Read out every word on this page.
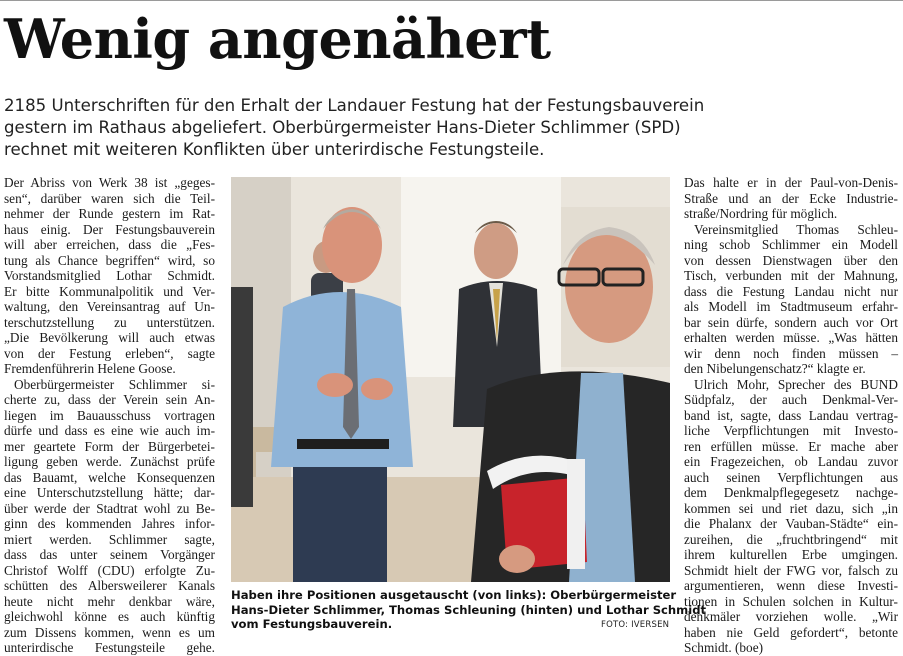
Wenig angenähert
2185 Unterschriften für den Erhalt der Landauer Festung hat der Festungsbauverein
gestern im Rathaus abgeliefert. Oberbürgermeister Hans-Dieter Schlimmer (SPD)
rechnet mit weiteren Konflikten über unterirdische Festungsteile.

Der Abriss von Werk 38 ist „geges-
sen“, darüber waren sich die Teil-
nehmer der Runde gestern im Rat-
haus einig. Der Festungsbauverein
will aber erreichen, dass die „Fes-
tung als Chance begriffen“ wird, so
Vorstandsmitglied Lothar Schmidt.
Er bitte Kommunalpolitik und Ver-
waltung, den Vereinsantrag auf Un-
terschutzstellung zu unterstützen.
„Die Bevölkerung will auch etwas
von der Festung erleben“, sagte
Fremdenführerin Helene Goose.

Oberbürgermeister Schlimmer si-
cherte zu, dass der Verein sein An-
liegen im Bauausschuss vortragen
dürfe und dass es eine wie auch im-
mer geartete Form der Bürgerbetei-
ligung geben werde. Zunächst prüfe
das Bauamt, welche Konsequenzen
eine Unterschutzstellung hätte; dar-
über werde der Stadtrat wohl zu Be-
ginn des kommenden Jahres infor-
miert werden. Schlimmer sagte,
dass das unter seinem Vorgänger
Christof Wolff (CDU) erfolgte Zu-
schütten des Albersweilerer Kanals
heute nicht mehr denkbar wäre,
gleichwohl könne es auch künftig
zum Dissens kommen, wenn es um
unterirdische Festungsteile gehe.

Haben ihre Positionen ausgetauscht (von links): Oberbürgermeister
Hans-Dieter Schlimmer, Thomas Schleuning (hinten) und Lothar Schmidt
vom Festungsbauverein.	FOTO: IVERSEN

Das halte er in der Paul-von-Denis-
Straße und an der Ecke Industrie-
straße/Nordring für möglich.

Vereinsmitglied Thomas Schleu-
ning schob Schlimmer ein Modell
von dessen Dienstwagen über den
Tisch, verbunden mit der Mahnung,
dass die Festung Landau nicht nur
als Modell im Stadtmuseum erfahr-
bar sein dürfe, sondern auch vor Ort
erhalten werden müsse. „Was hätten
wir denn noch finden müssen –
den Nibelungenschatz?“ klagte er.

Ulrich Mohr, Sprecher des BUND
Südpfalz, der auch Denkmal-Ver-
band ist, sagte, dass Landau vertrag-
liche Verpflichtungen mit Investo-
ren erfüllen müsse. Er mache aber
ein Fragezeichen, ob Landau zuvor
auch seinen Verpflichtungen aus
dem Denkmalpflegegesetz nachge-
kommen sei und riet dazu, sich „in
die Phalanx der Vauban-Städte“ ein-
zureihen, die „fruchtbringend“ mit
ihrem kulturellen Erbe umgingen.
Schmidt hielt der FWG vor, falsch zu
argumentieren, wenn diese Investi-
tionen in Schulen solchen in Kultur-
denkmäler vorziehen wolle. „Wir
haben nie Geld gefordert“, betonte
Schmidt. (boe)
